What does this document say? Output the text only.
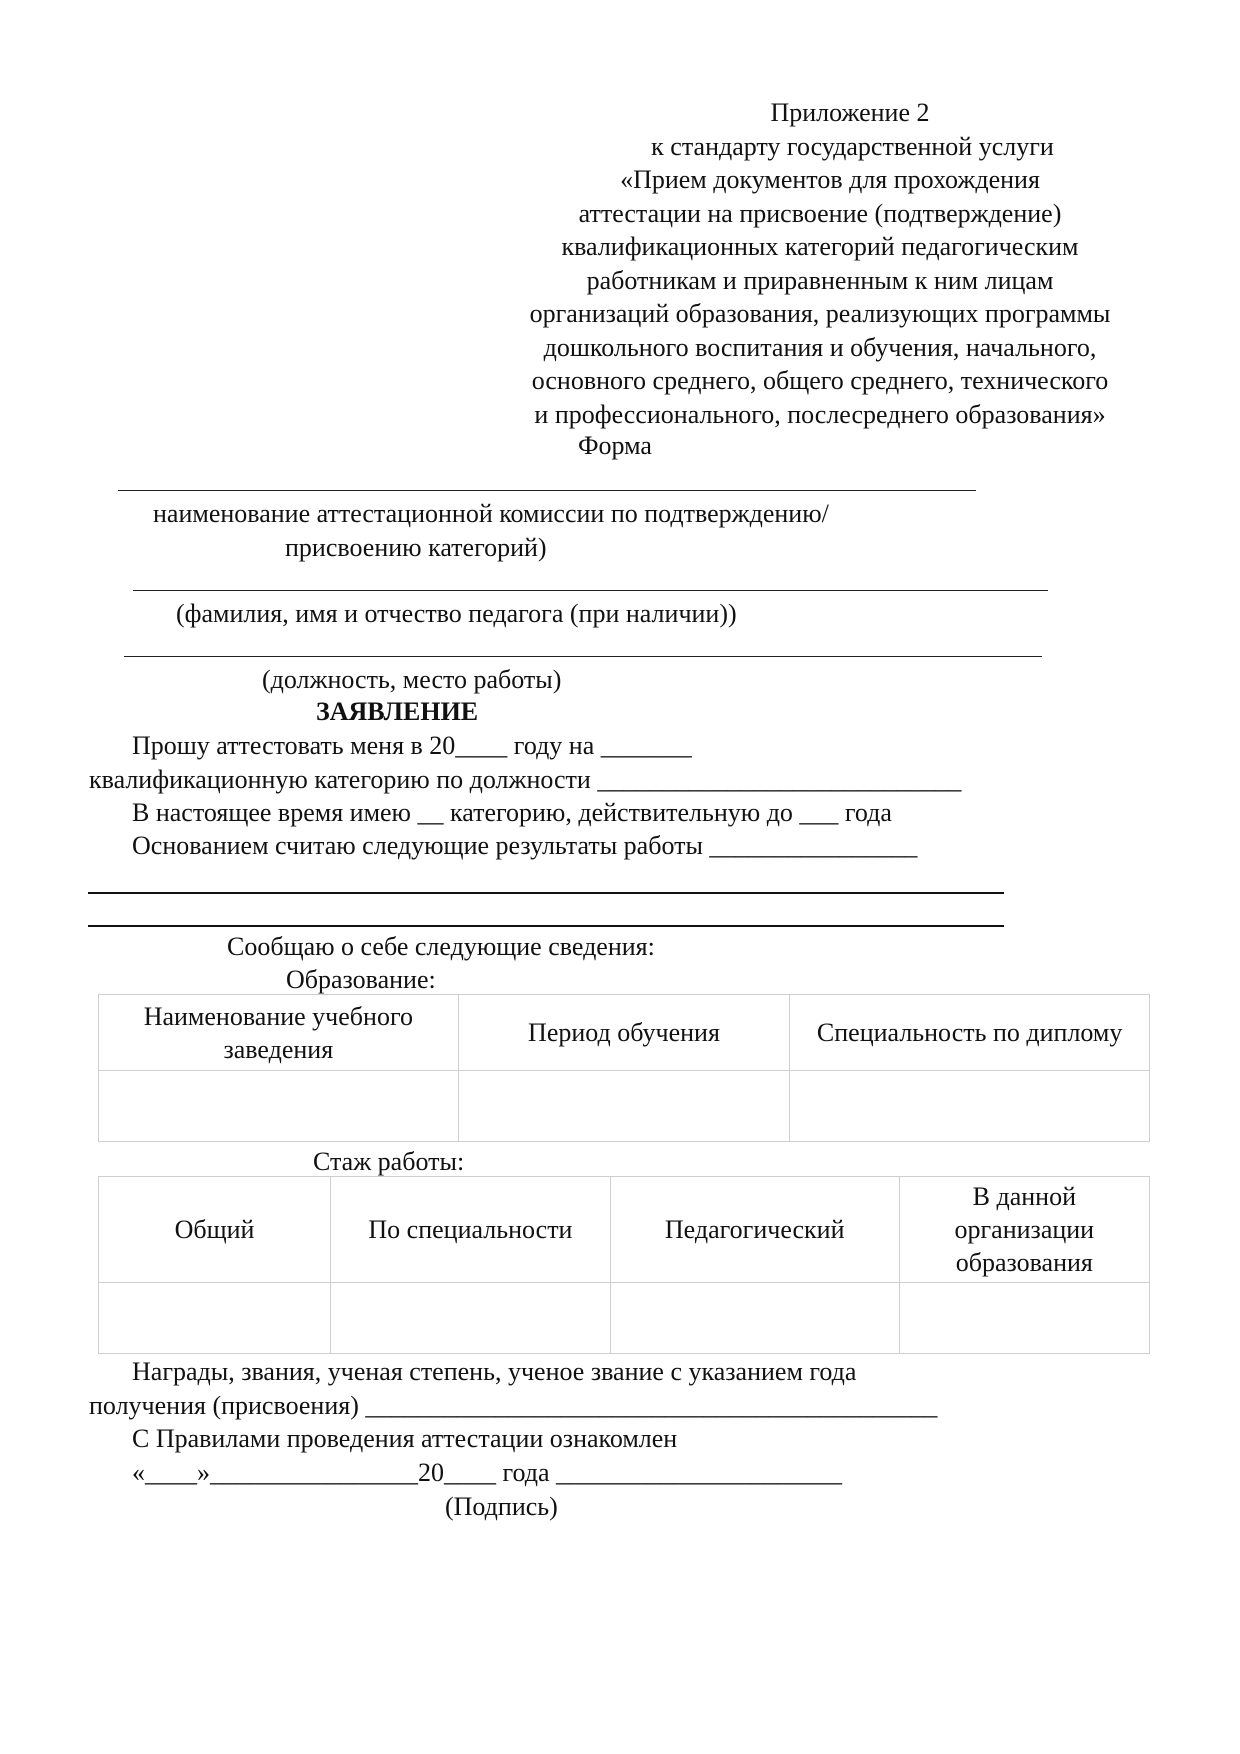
Приложение 2
к стандарту государственной услуги
«Прием документов для прохождения
аттестации на присвоение (подтверждение)
квалификационных категорий педагогическим
работникам и приравненным к ним лицам
организаций образования, реализующих программы
дошкольного воспитания и обучения, начального,
основного среднего, общего среднего, технического
и профессионального, послесреднего образования»
Форма
наименование аттестационной комиссии по подтверждению/
присвоению категорий)
(фамилия, имя и отчество педагога (при наличии))
(должность, место работы)
ЗАЯВЛЕНИЕ
Прошу аттестовать меня в 20____ году на _______
квалификационную категорию по должности ____________________________
В настоящее время имею __ категорию, действительную до ___ года
Основанием считаю следующие результаты работы ________________
Сообщаю о себе следующие сведения:
Образование:
Наименование учебного
заведения	Период обучения	Специальность по диплому

Стаж работы:
Общий	По специальности	Педагогический	В данной
организации
образования

Награды, звания, ученая степень, ученое звание с указанием года
получения (присвоения) ____________________________________________
С Правилами проведения аттестации ознакомлен
«____»________________20____ года ______________________
(Подпись)
